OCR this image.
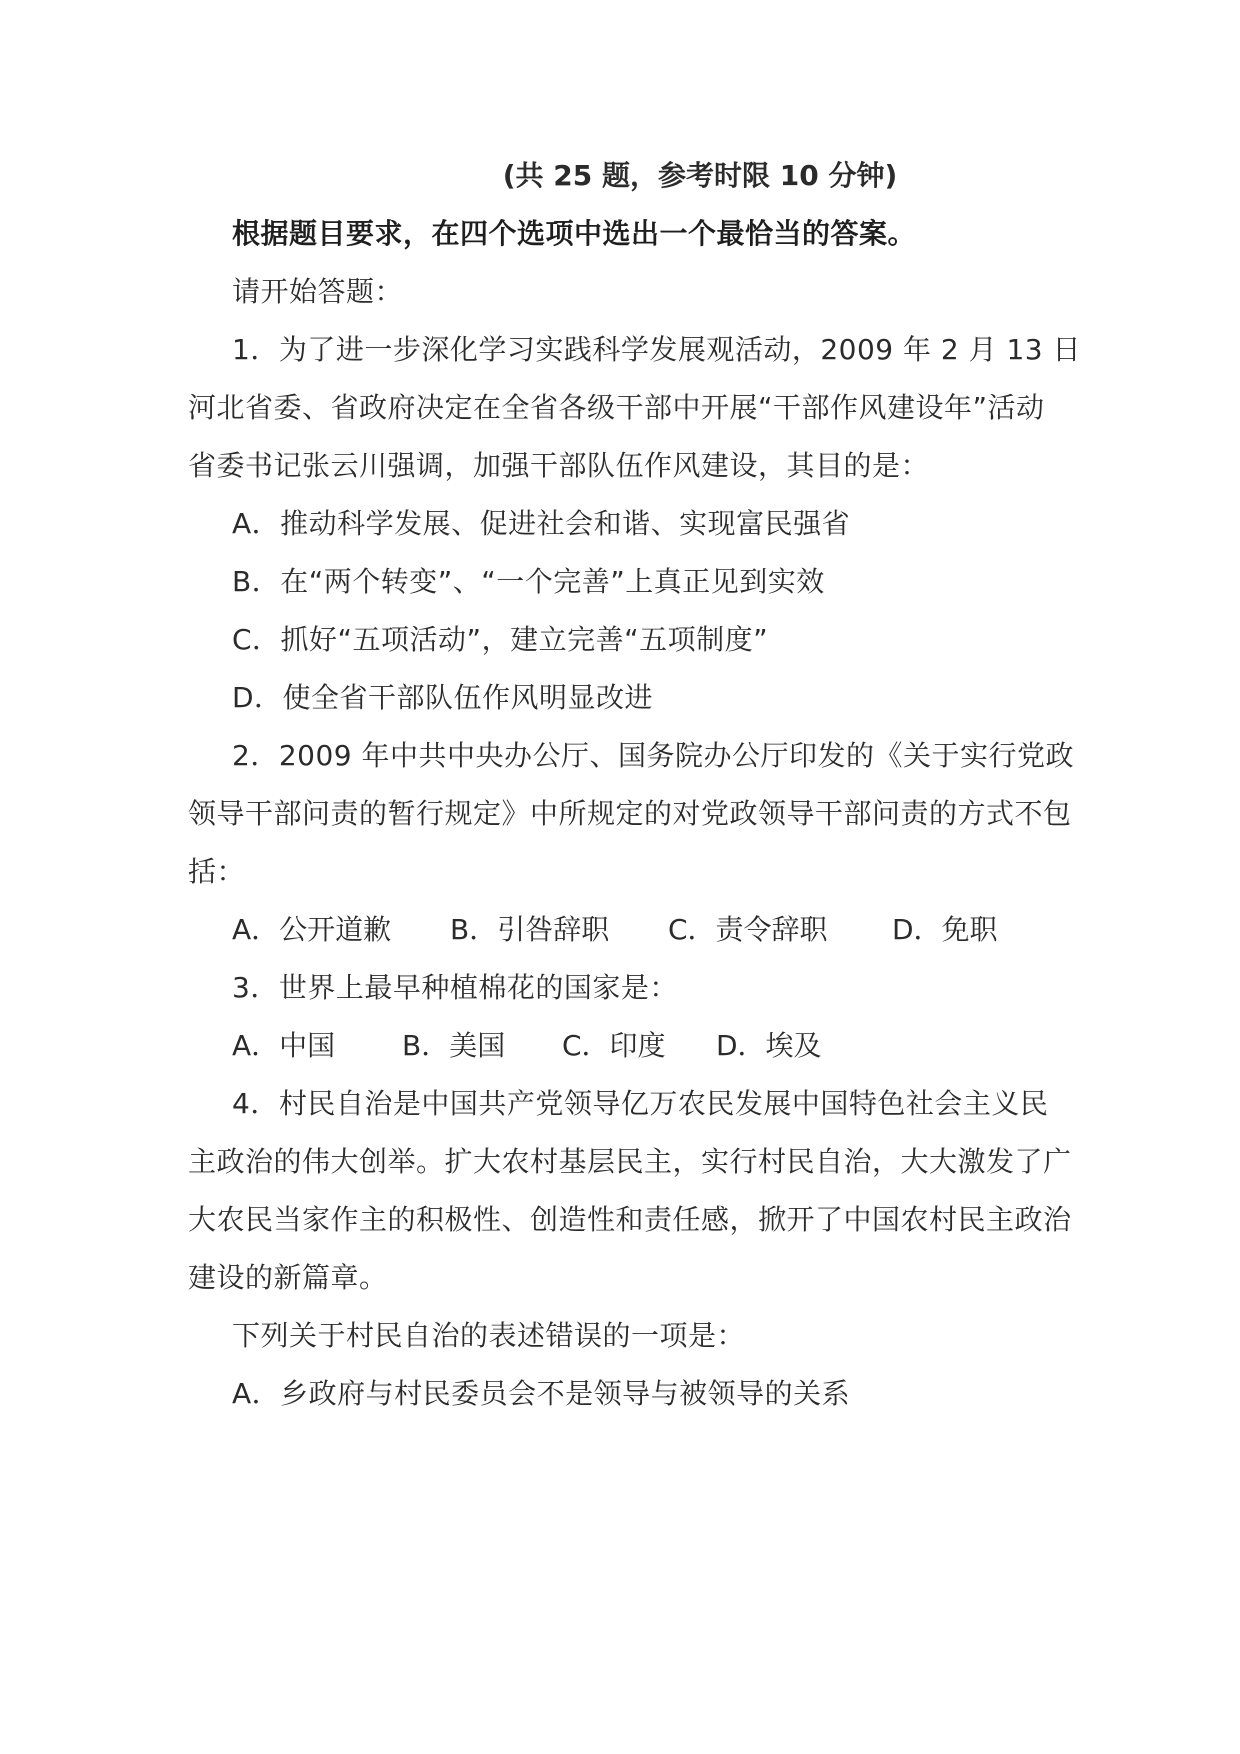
(共 25 题，参考时限 10 分钟)
根据题目要求，在四个选项中选出一个最恰当的答案。
请开始答题：
1．为了进一步深化学习实践科学发展观活动，2009 年 2 月 13 日
河北省委、省政府决定在全省各级干部中开展“干部作风建设年”活动
省委书记张云川强调，加强干部队伍作风建设，其目的是：
A．推动科学发展、促进社会和谐、实现富民强省
B．在“两个转变”、“一个完善”上真正见到实效
C．抓好“五项活动”，建立完善“五项制度”
D．使全省干部队伍作风明显改进
2．2009 年中共中央办公厅、国务院办公厅印发的《关于实行党政
领导干部问责的暂行规定》中所规定的对党政领导干部问责的方式不包
括：
A．公开道歉 B．引咎辞职 C．责令辞职 D．免职
3．世界上最早种植棉花的国家是：
A．中国 B．美国 C．印度 D．埃及
4．村民自治是中国共产党领导亿万农民发展中国特色社会主义民
主政治的伟大创举。扩大农村基层民主，实行村民自治，大大激发了广
大农民当家作主的积极性、创造性和责任感，掀开了中国农村民主政治
建设的新篇章。
下列关于村民自治的表述错误的一项是：
A．乡政府与村民委员会不是领导与被领导的关系
